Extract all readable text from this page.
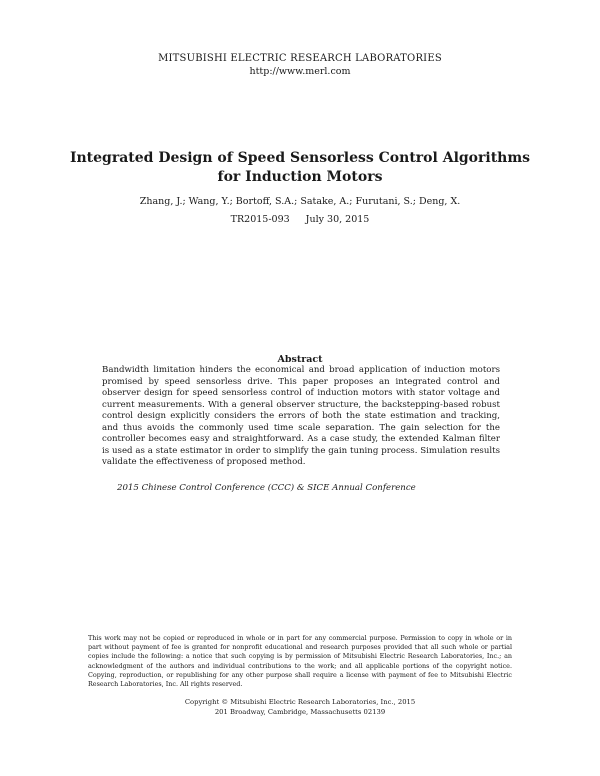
MITSUBISHI ELECTRIC RESEARCH LABORATORIES
http://www.merl.com
Integrated Design of Speed Sensorless Control Algorithms
for Induction Motors
Zhang, J.; Wang, Y.; Bortoff, S.A.; Satake, A.; Furutani, S.; Deng, X.
TR2015-093 July 30, 2015
Abstract
Bandwidth limitation hinders the economical and broad application of induction motors promised by speed sensorless drive. This paper proposes an integrated control and observer design for speed sensorless control of induction motors with stator voltage and current measurements. With a general observer structure, the backstepping-based robust control design explicitly considers the errors of both the state estimation and tracking, and thus avoids the commonly used time scale separation. The gain selection for the controller becomes easy and straightforward. As a case study, the extended Kalman filter is used as a state estimator in order to simplify the gain tuning process. Simulation results validate the effectiveness of proposed method.
2015 Chinese Control Conference (CCC) & SICE Annual Conference
This work may not be copied or reproduced in whole or in part for any commercial purpose. Permission to copy in whole or in part without payment of fee is granted for nonprofit educational and research purposes provided that all such whole or partial copies include the following: a notice that such copying is by permission of Mitsubishi Electric Research Laboratories, Inc.; an acknowledgment of the authors and individual contributions to the work; and all applicable portions of the copyright notice. Copying, reproduction, or republishing for any other purpose shall require a license with payment of fee to Mitsubishi Electric Research Laboratories, Inc. All rights reserved.
Copyright © Mitsubishi Electric Research Laboratories, Inc., 2015
201 Broadway, Cambridge, Massachusetts 02139
